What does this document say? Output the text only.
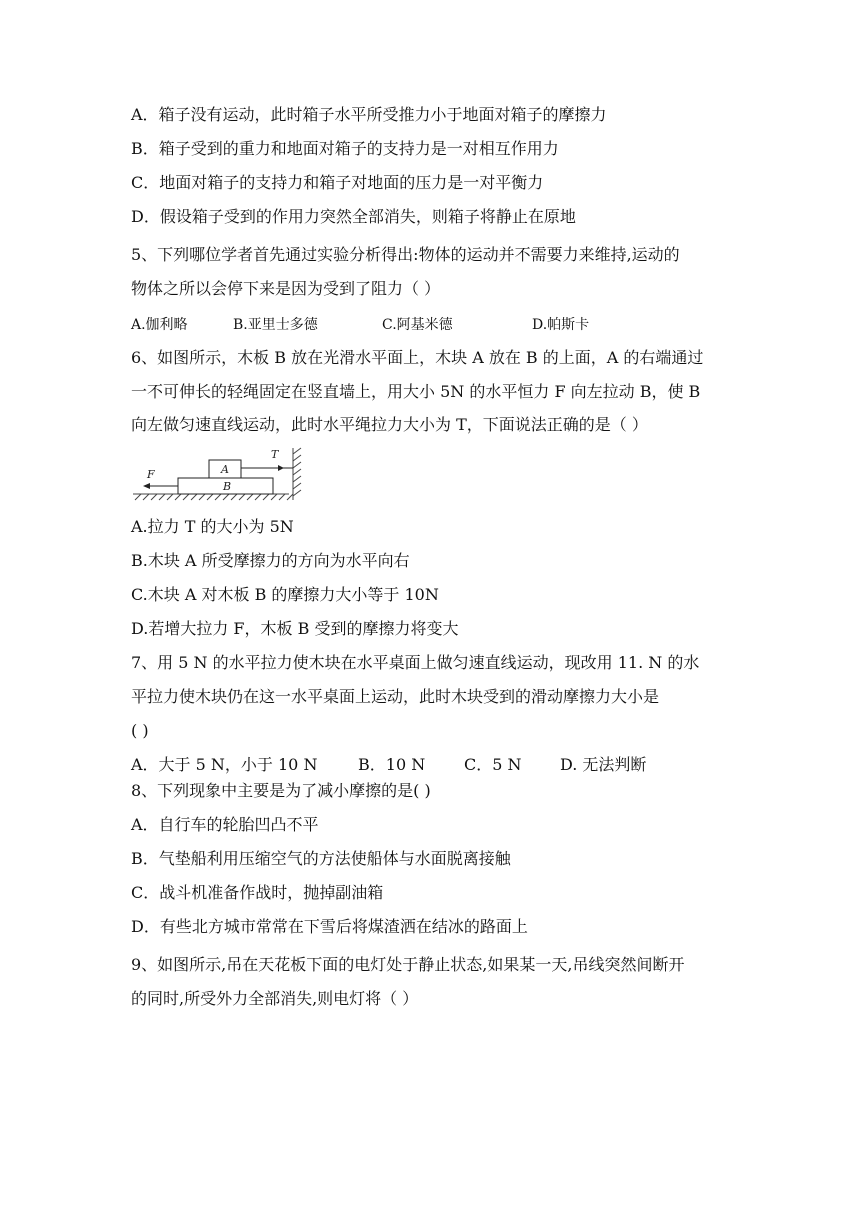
A．箱子没有运动，此时箱子水平所受推力小于地面对箱子的摩擦力
B．箱子受到的重力和地面对箱子的支持力是一对相互作用力
C．地面对箱子的支持力和箱子对地面的压力是一对平衡力
D．假设箱子受到的作用力突然全部消失，则箱子将静止在原地
5、下列哪位学者首先通过实验分析得出:物体的运动并不需要力来维持,运动的
物体之所以会停下来是因为受到了阻力（ ）
A.伽利略	B.亚里士多德	C.阿基米德	D.帕斯卡
6、如图所示，木板 B 放在光滑水平面上，木块 A 放在 B 的上面，A 的右端通过
一不可伸长的轻绳固定在竖直墙上，用大小 5N 的水平恒力 F 向左拉动 B，使 B
向左做匀速直线运动，此时水平绳拉力大小为 T，下面说法正确的是（ ）
B
A
T
F
A.拉力 T 的大小为 5N
B.木块 A 所受摩擦力的方向为水平向右
C.木块 A 对木板 B 的摩擦力大小等于 10N
D.若增大拉力 F，木板 B 受到的摩擦力将变大
7、用 5 N 的水平拉力使木块在水平桌面上做匀速直线运动，现改用 11. N 的水
平拉力使木块仍在这一水平桌面上运动，此时木块受到的滑动摩擦力大小是
( )
A．大于 5 N，小于 10 N	B．10 N C．5 N D. 无法判断
8、下列现象中主要是为了减小摩擦的是( )
A．自行车的轮胎凹凸不平
B．气垫船利用压缩空气的方法使船体与水面脱离接触
C．战斗机准备作战时，抛掉副油箱
D．有些北方城市常常在下雪后将煤渣洒在结冰的路面上
9、如图所示,吊在天花板下面的电灯处于静止状态,如果某一天,吊线突然间断开
的同时,所受外力全部消失,则电灯将（ ）
